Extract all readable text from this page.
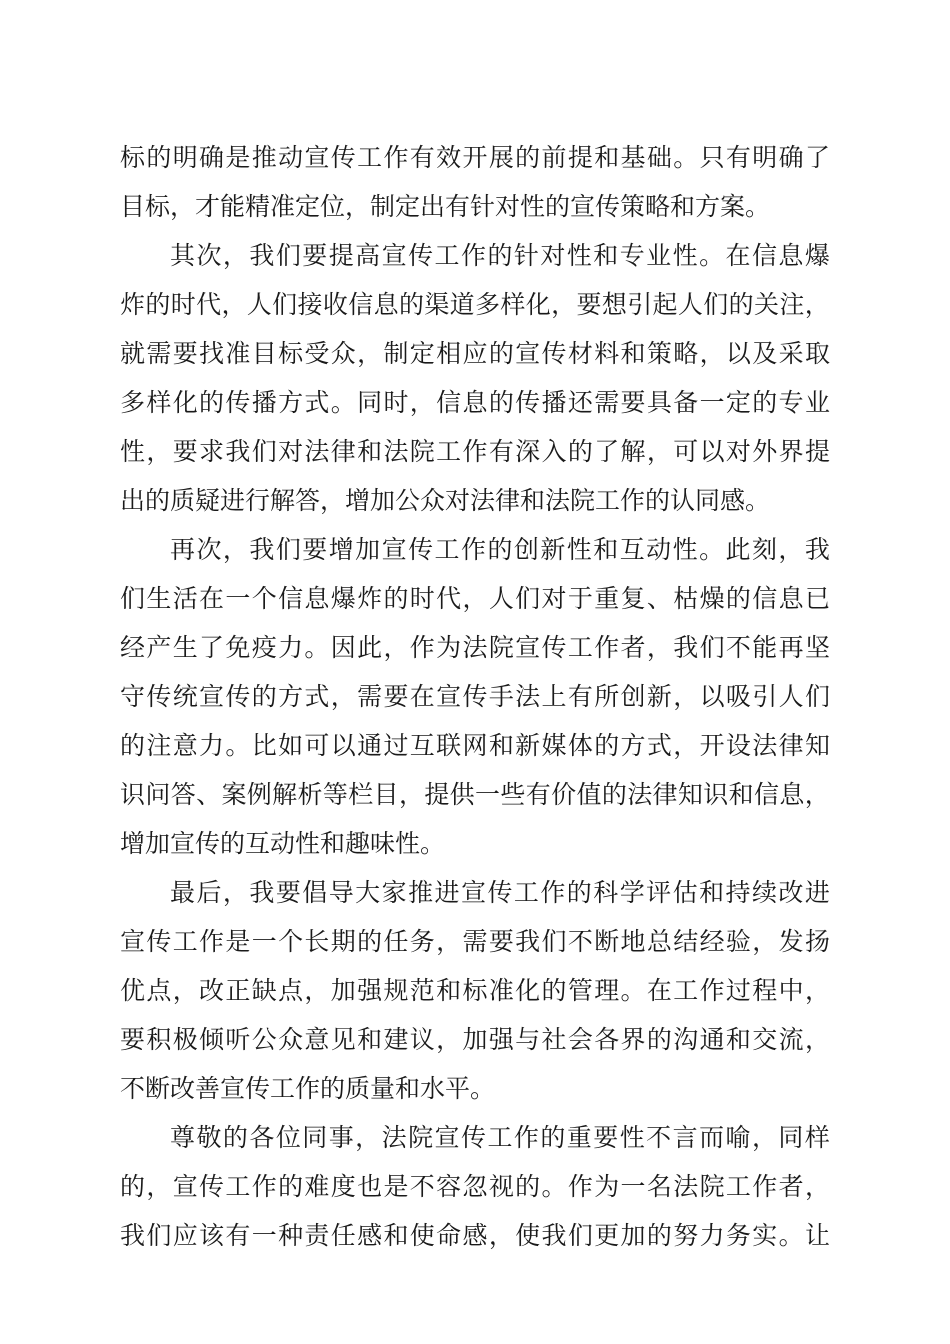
标 的 明 确 是 推 动 宣 传 工 作 有 效 开 展 的 前 提 和 基 础 。 只 有 明 确 了
目标，才能精准定位，制定出有针对性的宣传策略和方案。
其 次 ， 我 们 要 提 高 宣 传 工 作 的 针 对 性 和 专 业 性 。 在 信 息 爆
炸 的 时 代 ， 人 们 接 收 信 息 的 渠 道 多 样 化 ， 要 想 引 起 人 们 的 关 注 ，
就 需 要 找 准 目 标 受 众 ， 制 定 相 应 的 宣 传 材 料 和 策 略 ， 以 及 采 取
多 样 化 的 传 播 方 式 。 同 时 ， 信 息 的 传 播 还 需 要 具 备 一 定 的 专 业
性 ， 要 求 我 们 对 法 律 和 法 院 工 作 有 深 入 的 了 解 ， 可 以 对 外 界 提
出的质疑进行解答，增加公众对法律和法院工作的认同感。
再 次 ， 我 们 要 增 加 宣 传 工 作 的 创 新 性 和 互 动 性 。 此 刻 ， 我
们 生 活 在 一 个 信 息 爆 炸 的 时 代 ， 人 们 对 于 重 复 、 枯 燥 的 信 息 已
经 产 生 了 免 疫 力 。 因 此 ， 作 为 法 院 宣 传 工 作 者 ， 我 们 不 能 再 坚
守 传 统 宣 传 的 方 式 ， 需 要 在 宣 传 手 法 上 有 所 创 新 ， 以 吸 引 人 们
的 注 意 力 。 比 如 可 以 通 过 互 联 网 和 新 媒 体 的 方 式 ， 开 设 法 律 知
识 问 答 、 案 例 解 析 等 栏 目 ， 提 供 一 些 有 价 值 的 法 律 知 识 和 信 息 ，
增加宣传的互动性和趣味性。
最 后 ， 我 要 倡 导 大 家 推 进 宣 传 工 作 的 科 学 评 估 和 持 续 改 进
宣 传 工 作 是 一 个 长 期 的 任 务 ， 需 要 我 们 不 断 地 总 结 经 验 ， 发 扬
优 点 ， 改 正 缺 点 ， 加 强 规 范 和 标 准 化 的 管 理 。 在 工 作 过 程 中 ，
要 积 极 倾 听 公 众 意 见 和 建 议 ， 加 强 与 社 会 各 界 的 沟 通 和 交 流 ，
不断改善宣传工作的质量和水平。
尊 敬 的 各 位 同 事 ， 法 院 宣 传 工 作 的 重 要 性 不 言 而 喻 ， 同 样
的 ， 宣 传 工 作 的 难 度 也 是 不 容 忽 视 的 。 作 为 一 名 法 院 工 作 者 ，
我 们 应 该 有 一 种 责 任 感 和 使 命 感 ， 使 我 们 更 加 的 努 力 务 实 。 让
